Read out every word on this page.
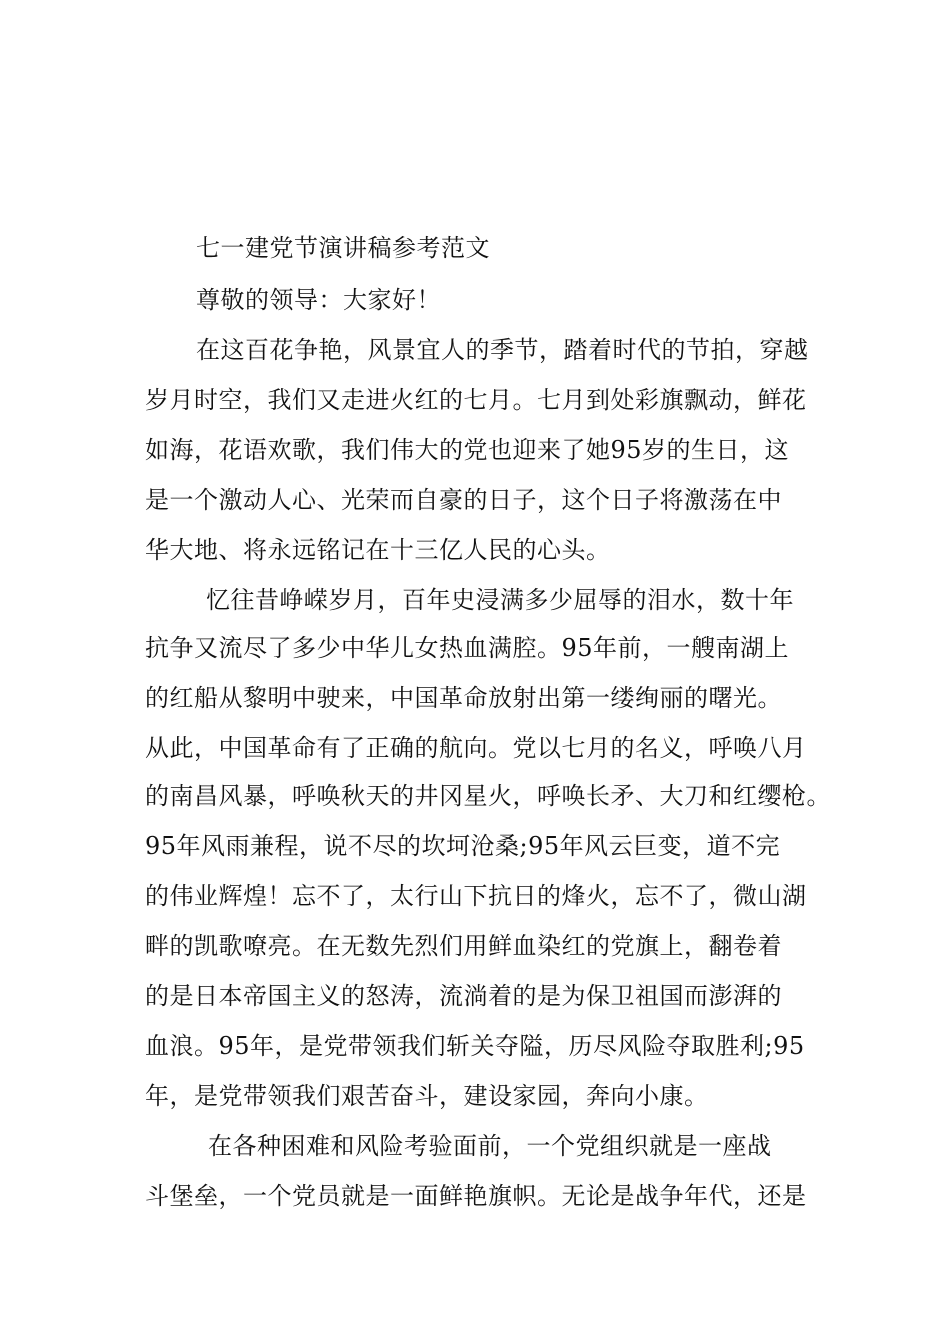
七一建党节演讲稿参考范文
尊敬的领导：大家好！
在这百花争艳，风景宜人的季节，踏着时代的节拍，穿越
岁月时空，我们又走进火红的七月。七月到处彩旗飘动，鲜花
如海，花语欢歌，我们伟大的党也迎来了她95岁的生日，这
是一个激动人心、光荣而自豪的日子，这个日子将激荡在中
华大地、将永远铭记在十三亿人民的心头。
忆往昔峥嵘岁月，百年史浸满多少屈辱的泪水，数十年
抗争又流尽了多少中华儿女热血满腔。95年前，一艘南湖上
的红船从黎明中驶来，中国革命放射出第一缕绚丽的曙光。
从此，中国革命有了正确的航向。党以七月的名义，呼唤八月
的南昌风暴，呼唤秋天的井冈星火，呼唤长矛、大刀和红缨枪。
95年风雨兼程，说不尽的坎坷沧桑;95年风云巨变，道不完
的伟业辉煌！忘不了，太行山下抗日的烽火，忘不了，微山湖
畔的凯歌嘹亮。在无数先烈们用鲜血染红的党旗上，翻卷着
的是日本帝国主义的怒涛，流淌着的是为保卫祖国而澎湃的
血浪。95年，是党带领我们斩关夺隘，历尽风险夺取胜利;95
年，是党带领我们艰苦奋斗，建设家园，奔向小康。
在各种困难和风险考验面前，一个党组织就是一座战
斗堡垒，一个党员就是一面鲜艳旗帜。无论是战争年代，还是
